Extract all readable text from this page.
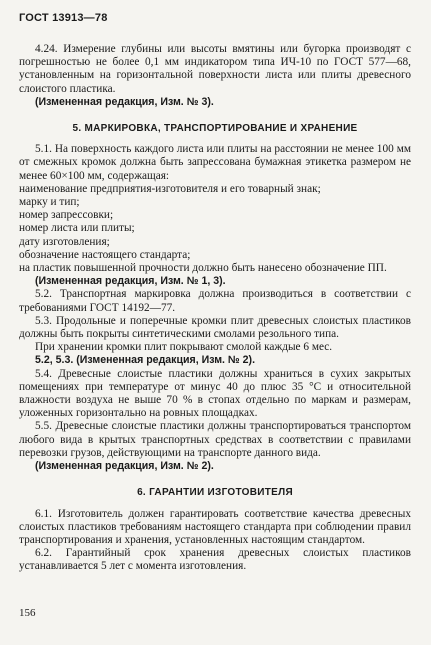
ГОСТ 13913—78

4.24. Измерение глубины или высоты вмятины или бугорка производят с погрешностью не более 0,1 мм индикатором типа ИЧ-10 по ГОСТ 577—68, установленным на горизонтальной поверхности листа или плиты древесного слоистого пластика.

(Измененная редакция, Изм. № 3).

5. МАРКИРОВКА, ТРАНСПОРТИРОВАНИЕ И ХРАНЕНИЕ

5.1. На поверхность каждого листа или плиты на расстоянии не менее 100 мм от смежных кромок должна быть запрессована бумажная этикетка размером не менее 60×100 мм, содержащая:

наименование предприятия-изготовителя и его товарный знак;

марку и тип;

номер запрессовки;

номер листа или плиты;

дату изготовления;

обозначение настоящего стандарта;

на пластик повышенной прочности должно быть нанесено обозначение ПП.

(Измененная редакция, Изм. № 1, 3).

5.2. Транспортная маркировка должна производиться в соответствии с требованиями ГОСТ 14192—77.

5.3. Продольные и поперечные кромки плит древесных слоистых пластиков должны быть покрыты синтетическими смолами резольного типа.

При хранении кромки плит покрывают смолой каждые 6 мес.

5.2, 5.3. (Измененная редакция, Изм. № 2).

5.4. Древесные слоистые пластики должны храниться в сухих закрытых помещениях при температуре от минус 40 до плюс 35 °С и относительной влажности воздуха не выше 70 % в стопах отдельно по маркам и размерам, уложенных горизонтально на ровных площадках.

5.5. Древесные слоистые пластики должны транспортироваться транспортом любого вида в крытых транспортных средствах в соответствии с правилами перевозки грузов, действующими на транспорте данного вида.

(Измененная редакция, Изм. № 2).

6. ГАРАНТИИ ИЗГОТОВИТЕЛЯ

6.1. Изготовитель должен гарантировать соответствие качества древесных слоистых пластиков требованиям настоящего стандарта при соблюдении правил транспортирования и хранения, установленных настоящим стандартом.

6.2. Гарантийный срок хранения древесных слоистых пластиков устанавливается 5 лет с момента изготовления.

156
